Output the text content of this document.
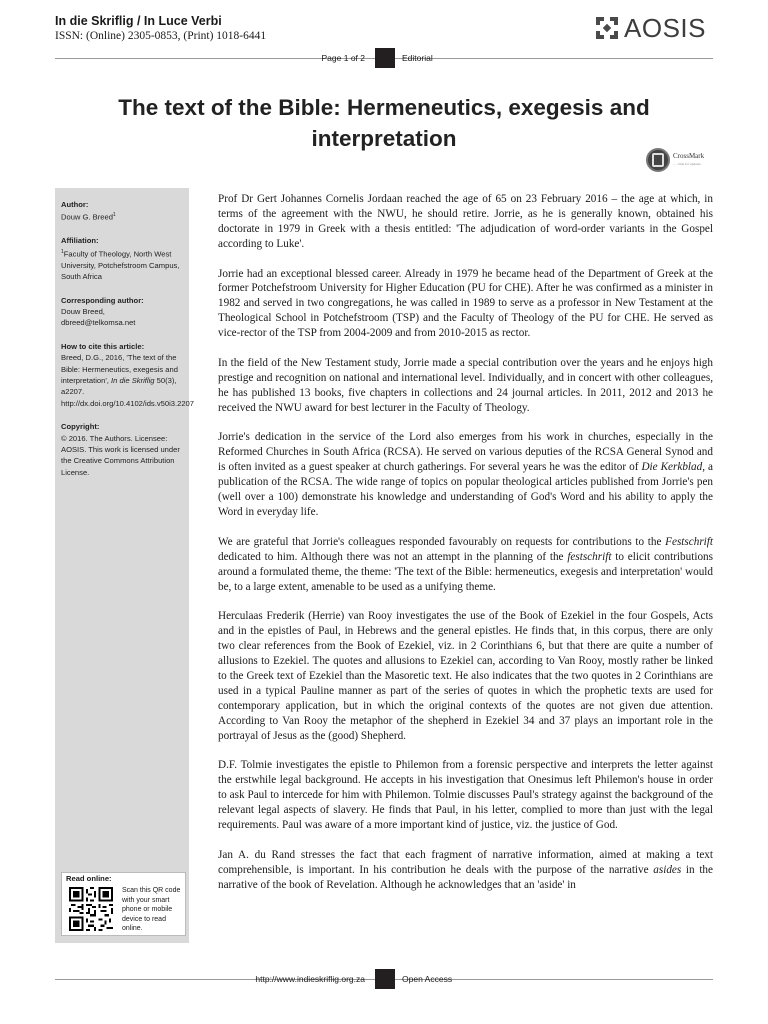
In die Skriflig / In Luce Verbi
ISSN: (Online) 2305-0853, (Print) 1018-6441	AOSIS
Page 1 of 2	Editorial
The text of the Bible: Hermeneutics, exegesis and interpretation
CrossMark
← click for updates
Author:
Douw G. Breed$^1$
Affiliation:
$^1$Faculty of Theology, North West University, Potchefstroom Campus, South Africa
Corresponding author:
Douw Breed,
dbreed@telkomsa.net
How to cite this article:
Breed, D.G., 2016, 'The text of the Bible: Hermeneutics, exegesis and interpretation', In die Skriflig 50(3), a2207. http://dx.doi.org/10.4102/ids.v50i3.2207
Copyright:
© 2016. The Authors. Licensee: AOSIS. This work is licensed under the Creative Commons Attribution License.
Read online:
Scan this QR code with your smart phone or mobile device to read online.

Prof Dr Gert Johannes Cornelis Jordaan reached the age of 65 on 23 February 2016 – the age at which, in terms of the agreement with the NWU, he should retire. Jorrie, as he is generally known, obtained his doctorate in 1979 in Greek with a thesis entitled: 'The adjudication of word-order variants in the Gospel according to Luke'.

Jorrie had an exceptional blessed career. Already in 1979 he became head of the Department of Greek at the former Potchefstroom University for Higher Education (PU for CHE). After he was confirmed as a minister in 1982 and served in two congregations, he was called in 1989 to serve as a professor in New Testament at the Theological School in Potchefstroom (TSP) and the Faculty of Theology of the PU for CHE. He served as vice-rector of the TSP from 2004-2009 and from 2010-2015 as rector.

In the field of the New Testament study, Jorrie made a special contribution over the years and he enjoys high prestige and recognition on national and international level. Individually, and in concert with other colleagues, he has published 13 books, five chapters in collections and 24 journal articles. In 2011, 2012 and 2013 he received the NWU award for best lecturer in the Faculty of Theology.

Jorrie's dedication in the service of the Lord also emerges from his work in churches, especially in the Reformed Churches in South Africa (RCSA). He served on various deputies of the RCSA General Synod and is often invited as a guest speaker at church gatherings. For several years he was the editor of Die Kerkblad, a publication of the RCSA. The wide range of topics on popular theological articles published from Jorrie's pen (well over a 100) demonstrate his knowledge and understanding of God's Word and his ability to apply the Word in everyday life.

We are grateful that Jorrie's colleagues responded favourably on requests for contributions to the Festschrift dedicated to him. Although there was not an attempt in the planning of the festschrift to elicit contributions around a formulated theme, the theme: 'The text of the Bible: hermeneutics, exegesis and interpretation' would be, to a large extent, amenable to be used as a unifying theme.

Herculaas Frederik (Herrie) van Rooy investigates the use of the Book of Ezekiel in the four Gospels, Acts and in the epistles of Paul, in Hebrews and the general epistles. He finds that, in this corpus, there are only two clear references from the Book of Ezekiel, viz. in 2 Corinthians 6, but that there are quite a number of allusions to Ezekiel. The quotes and allusions to Ezekiel can, according to Van Rooy, mostly rather be linked to the Greek text of Ezekiel than the Masoretic text. He also indicates that the two quotes in 2 Corinthians are used in a typical Pauline manner as part of the series of quotes in which the prophetic texts are used for contemporary application, but in which the original contexts of the quotes are not given due attention. According to Van Rooy the metaphor of the shepherd in Ezekiel 34 and 37 plays an important role in the portrayal of Jesus as the (good) Shepherd.

D.F. Tolmie investigates the epistle to Philemon from a forensic perspective and interprets the letter against the erstwhile legal background. He accepts in his investigation that Onesimus left Philemon's house in order to ask Paul to intercede for him with Philemon. Tolmie discusses Paul's strategy against the background of the relevant legal aspects of slavery. He finds that Paul, in his letter, complied to more than just with the legal requirements. Paul was aware of a more important kind of justice, viz. the justice of God.

Jan A. du Rand stresses the fact that each fragment of narrative information, aimed at making a text comprehensible, is important. In his contribution he deals with the purpose of the narrative asides in the narrative of the book of Revelation. Although he acknowledges that an 'aside' in

http://www.indieskriflig.org.za	Open Access
